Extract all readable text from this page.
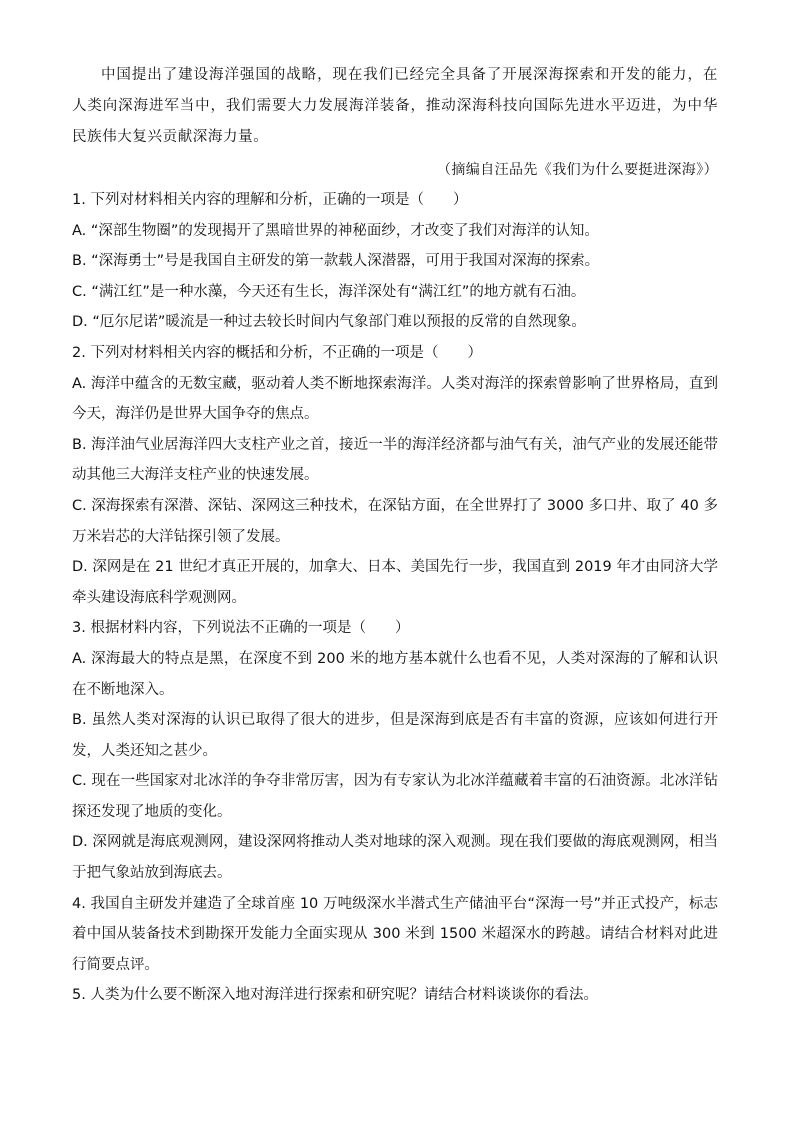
中国提出了建设海洋强国的战略，现在我们已经完全具备了开展深海探索和开发的能力，在人类向深海进军当中，我们需要大力发展海洋装备，推动深海科技向国际先进水平迈进，为中华民族伟大复兴贡献深海力量。

（摘编自汪品先《我们为什么要挺进深海》）

1. 下列对材料相关内容的理解和分析，正确的一项是（　　）

A. “深部生物圈”的发现揭开了黑暗世界的神秘面纱，才改变了我们对海洋的认知。

B. “深海勇士”号是我国自主研发的第一款载人深潜器，可用于我国对深海的探索。

C. “满江红”是一种水藻，今天还有生长，海洋深处有“满江红”的地方就有石油。

D. “厄尔尼诺”暖流是一种过去较长时间内气象部门难以预报的反常的自然现象。

2. 下列对材料相关内容的概括和分析，不正确的一项是（　　）

A. 海洋中蕴含的无数宝藏，驱动着人类不断地探索海洋。人类对海洋的探索曾影响了世界格局，直到今天，海洋仍是世界大国争夺的焦点。

B. 海洋油气业居海洋四大支柱产业之首，接近一半的海洋经济都与油气有关，油气产业的发展还能带动其他三大海洋支柱产业的快速发展。

C. 深海探索有深潜、深钻、深网这三种技术，在深钻方面，在全世界打了 3000 多口井、取了 40 多万米岩芯的大洋钻探引领了发展。

D. 深网是在 21 世纪才真正开展的，加拿大、日本、美国先行一步，我国直到 2019 年才由同济大学牵头建设海底科学观测网。

3. 根据材料内容，下列说法不正确的一项是（　　）

A. 深海最大的特点是黑，在深度不到 200 米的地方基本就什么也看不见，人类对深海的了解和认识在不断地深入。

B. 虽然人类对深海的认识已取得了很大的进步，但是深海到底是否有丰富的资源，应该如何进行开发，人类还知之甚少。

C. 现在一些国家对北冰洋的争夺非常厉害，因为有专家认为北冰洋蕴藏着丰富的石油资源。北冰洋钻探还发现了地质的变化。

D. 深网就是海底观测网，建设深网将推动人类对地球的深入观测。现在我们要做的海底观测网，相当于把气象站放到海底去。

4. 我国自主研发并建造了全球首座 10 万吨级深水半潜式生产储油平台“深海一号”并正式投产，标志着中国从装备技术到勘探开发能力全面实现从 300 米到 1500 米超深水的跨越。请结合材料对此进行简要点评。

5. 人类为什么要不断深入地对海洋进行探索和研究呢？请结合材料谈谈你的看法。
